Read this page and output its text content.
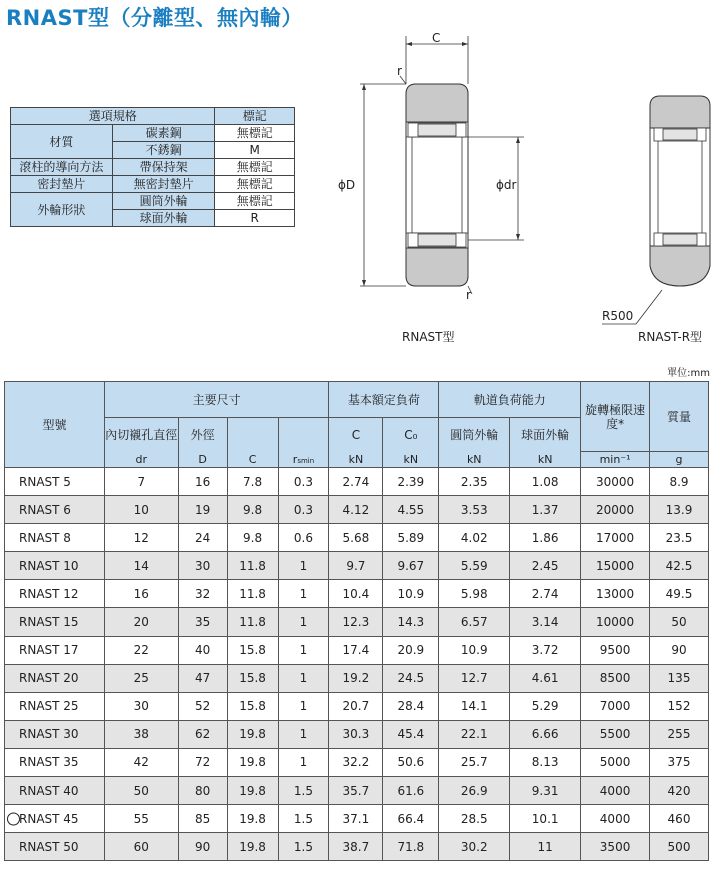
RNAST型（分離型、無內輪）
選項規格		標記
材質	碳素鋼	無標記
	不銹鋼	M
滾柱的導向方法	帶保持架	無標記
密封墊片	無密封墊片	無標記
外輪形狀	圓筒外輪	無標記
	球面外輪	R
C
r
r
ϕD	ϕdr
R500
RNAST型	RNAST-R型
單位:mm
型號	主要尺寸				基本額定負荷		軌道負荷能力		旋轉極限速度*	質量
	內切襯孔直徑	外徑			C	C₀	圓筒外輪	球面外輪		
	dr	D	C	rsmin	kN	kN	kN	kN	min⁻¹	g
RNAST 5	7	16	7.8	0.3	2.74	2.39	2.35	1.08	30000	8.9
RNAST 6	10	19	9.8	0.3	4.12	4.55	3.53	1.37	20000	13.9
RNAST 8	12	24	9.8	0.6	5.68	5.89	4.02	1.86	17000	23.5
RNAST 10	14	30	11.8	1	9.7	9.67	5.59	2.45	15000	42.5
RNAST 12	16	32	11.8	1	10.4	10.9	5.98	2.74	13000	49.5
RNAST 15	20	35	11.8	1	12.3	14.3	6.57	3.14	10000	50
RNAST 17	22	40	15.8	1	17.4	20.9	10.9	3.72	9500	90
RNAST 20	25	47	15.8	1	19.2	24.5	12.7	4.61	8500	135
RNAST 25	30	52	15.8	1	20.7	28.4	14.1	5.29	7000	152
RNAST 30	38	62	19.8	1	30.3	45.4	22.1	6.66	5500	255
RNAST 35	42	72	19.8	1	32.2	50.6	25.7	8.13	5000	375
RNAST 40	50	80	19.8	1.5	35.7	61.6	26.9	9.31	4000	420

RNAST 45	55	85	19.8	1.5	37.1	66.4	28.5	10.1	4000	460
RNAST 50	60	90	19.8	1.5	38.7	71.8	30.2	11	3500	500
